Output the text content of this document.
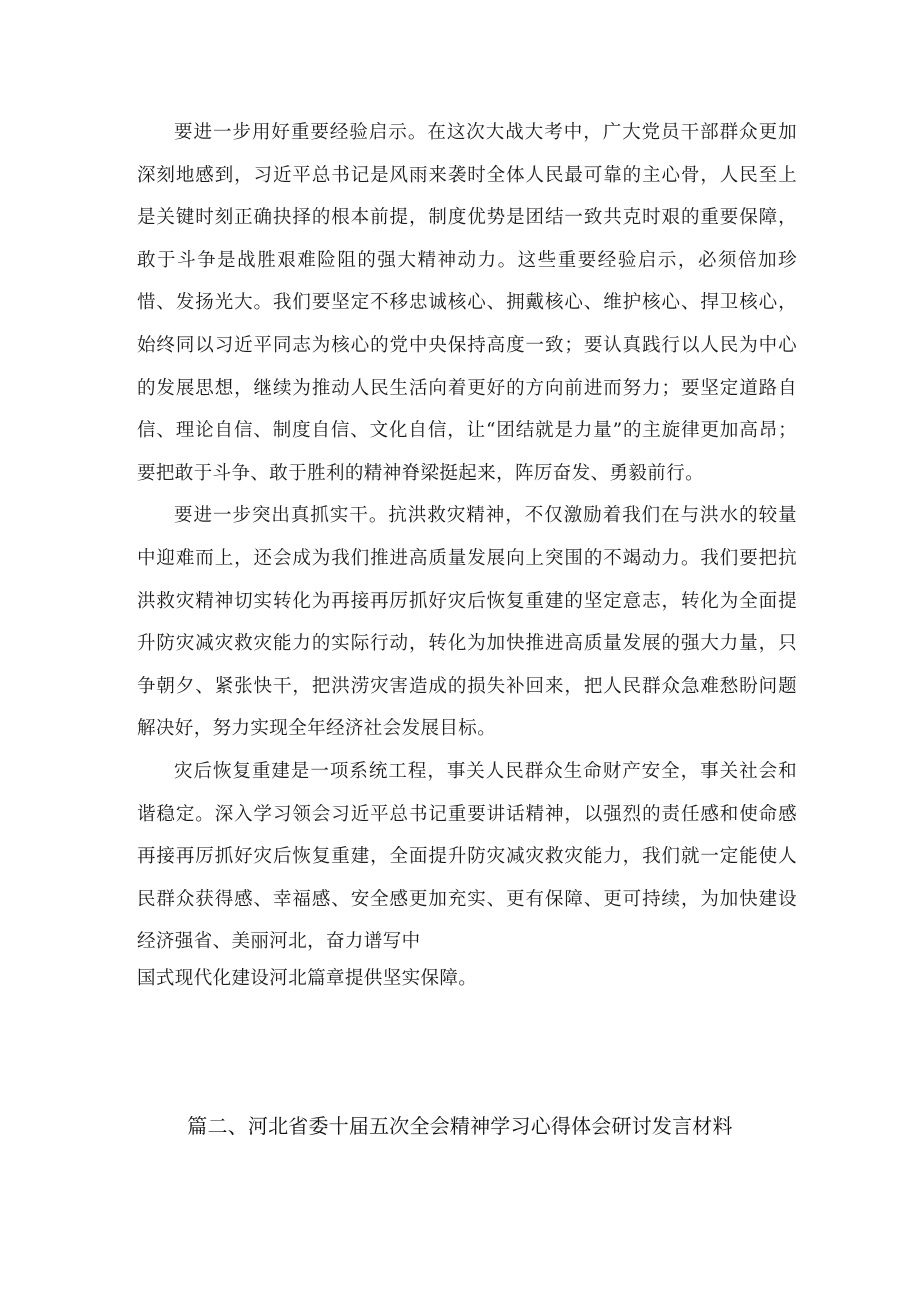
要进一步用好重要经验启示。在这次大战大考中，广大党员干部群众更加深刻地感到，习近平总书记是风雨来袭时全体人民最可靠的主心骨，人民至上是关键时刻正确抉择的根本前提，制度优势是团结一致共克时艰的重要保障，敢于斗争是战胜艰难险阻的强大精神动力。这些重要经验启示，必须倍加珍惜、发扬光大。我们要坚定不移忠诚核心、拥戴核心、维护核心、捍卫核心，始终同以习近平同志为核心的党中央保持高度一致；要认真践行以人民为中心的发展思想，继续为推动人民生活向着更好的方向前进而努力；要坚定道路自信、理论自信、制度自信、文化自信，让“团结就是力量”的主旋律更加高昂；要把敢于斗争、敢于胜利的精神脊梁挺起来，阵厉奋发、勇毅前行。

要进一步突出真抓实干。抗洪救灾精神，不仅激励着我们在与洪水的较量中迎难而上，还会成为我们推进高质量发展向上突围的不竭动力。我们要把抗洪救灾精神切实转化为再接再厉抓好灾后恢复重建的坚定意志，转化为全面提升防灾减灾救灾能力的实际行动，转化为加快推进高质量发展的强大力量，只争朝夕、紧张快干，把洪涝灾害造成的损失补回来，把人民群众急难愁盼问题解决好，努力实现全年经济社会发展目标。

灾后恢复重建是一项系统工程，事关人民群众生命财产安全，事关社会和谐稳定。深入学习领会习近平总书记重要讲话精神，以强烈的责任感和使命感再接再厉抓好灾后恢复重建，全面提升防灾减灾救灾能力，我们就一定能使人民群众获得感、幸福感、安全感更加充实、更有保障、更可持续，为加快建设经济强省、美丽河北，奋力谱写中
国式现代化建设河北篇章提供坚实保障。

篇二、河北省委十届五次全会精神学习心得体会研讨发言材料
